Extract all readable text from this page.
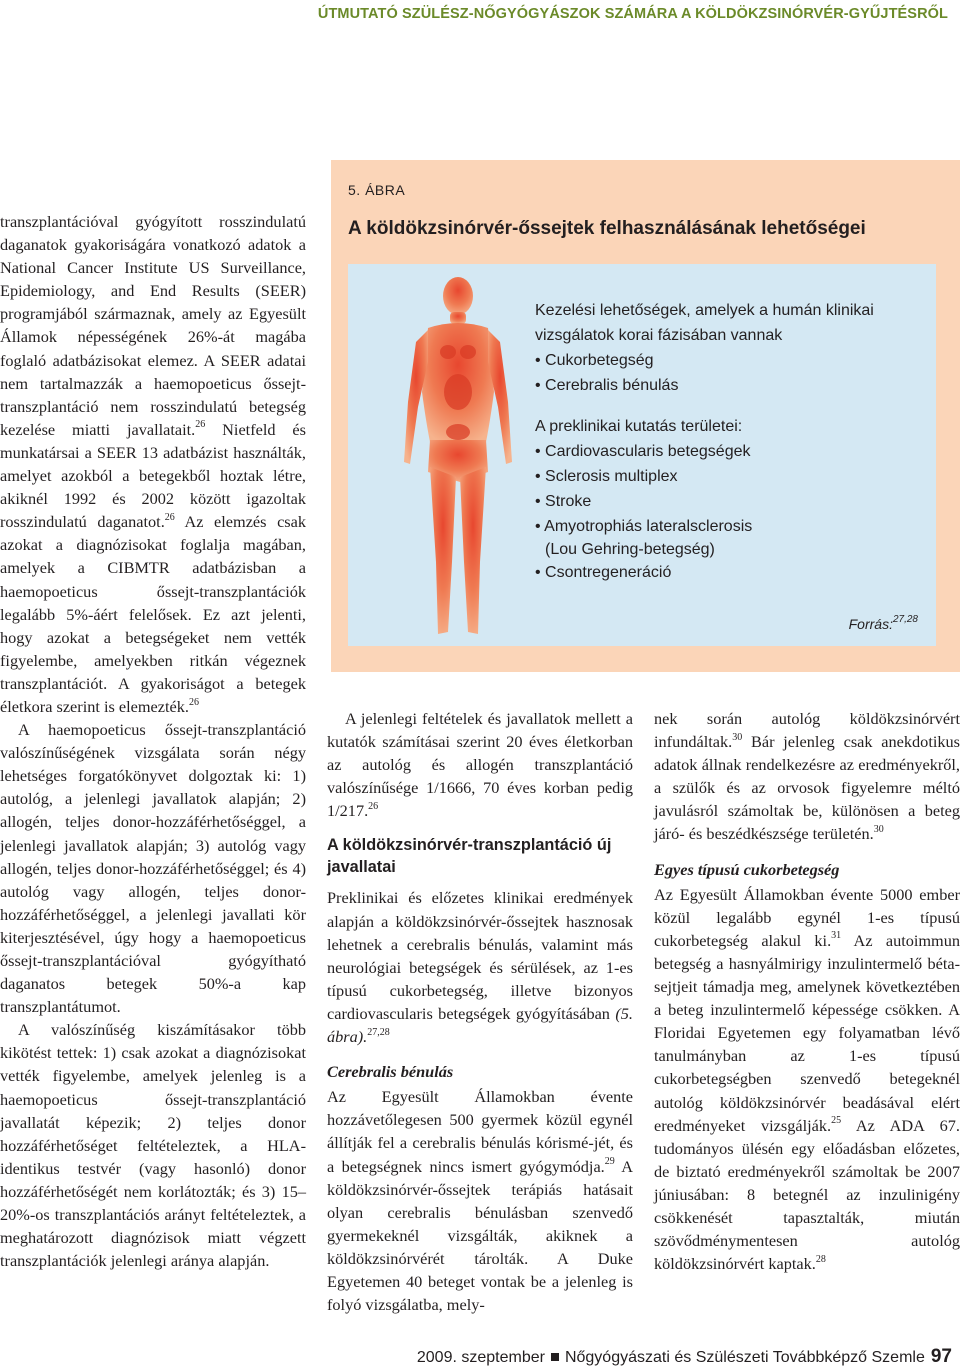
ÚTMUTATÓ SZÜLÉSZ-NŐGYÓGYÁSZOK SZÁMÁRA A KÖLDÖKZSINÓRVÉR-GYŰJTÉSRŐL

transzplantációval gyógyított rosszindulatú daganatok gyakoriságára vonatkozó adatok a National Cancer Institute US Surveillance, Epidemiology, and End Results (SEER) programjából származnak, amely az Egyesült Államok népességének 26%-át magába foglaló adatbázisokat elemez. A SEER adatai nem tartalmazzák a haemopoeticus őssejt-transzplantáció nem rosszindulatú betegség kezelése miatti javallatait.$^{26}$ Nietfeld és munkatársai a SEER 13 adatbázist használták, amelyet azokból a betegekből hoztak létre, akiknél 1992 és 2002 között igazoltak rosszindulatú daganatot.$^{26}$ Az elemzés csak azokat a diagnózisokat foglalja magában, amelyek a CIBMTR adatbázisban a haemopoeticus őssejt-transzplantációk legalább 5%-áért felelősek. Ez azt jelenti, hogy azokat a betegségeket nem vették figyelembe, amelyekben ritkán végeznek transzplantációt. A gyakoriságot a betegek életkora szerint is elemezték.$^{26}$

A haemopoeticus őssejt-transzplantáció valószínűségének vizsgálata során négy lehetséges forgatókönyvet dolgoztak ki: 1) autológ, a jelenlegi javallatok alapján; 2) allogén, teljes donor-hozzáférhetőséggel, a jelenlegi javallatok alapján; 3) autológ vagy allogén, teljes donor-hozzáférhetőséggel; és 4) autológ vagy allogén, teljes donor-hozzáférhetőséggel, a jelenlegi javallati kör kiterjesztésével, úgy hogy a haemopoeticus őssejt-transzplantációval gyógyítható daganatos betegek 50%-a kap transzplantátumot.

A valószínűség kiszámításakor több kikötést tettek: 1) csak azokat a diagnózisokat vették figyelembe, amelyek jelenleg is a haemopoeticus őssejt-transzplantáció javallatát képezik; 2) teljes donor hozzáférhetőséget feltételeztek, a HLA-identikus testvér (vagy hasonló) donor hozzáférhetőségét nem korlátozták; és 3) 15–20%-os transzplantációs arányt feltételeztek, a meghatározott diagnózisok miatt végzett transzplantációk jelenlegi aránya alapján.

5. ÁBRA
A köldökzsinórvér-őssejtek felhasználásának lehetőségei
Kezelési lehetőségek, amelyek a humán klinikai vizsgálatok korai fázisában vannak
• Cukorbetegség
• Cerebralis bénulás
A preklinikai kutatás területei:
• Cardiovascularis betegségek
• Sclerosis multiplex
• Stroke
• Amyotrophiás lateralsclerosis
(Lou Gehring-betegség)
• Csontregeneráció
Forrás:$^{27,28}$

A jelenlegi feltételek és javallatok mellett a kutatók számításai szerint 20 éves életkorban az autológ és allogén transzplantáció valószínűsége 1/1666, 70 éves korban pedig 1/217.26

A köldökzsinórvér-transzplantáció új javallatai

Preklinikai és előzetes klinikai eredmények alapján a köldökzsinórvér-őssejtek hasznosak lehetnek a cerebralis bénulás, valamint más neurológiai betegségek és sérülések, az 1-es típusú cukorbetegség, illetve bizonyos cardiovascularis betegségek gyógyításában (5. ábra).$^{27,28}$

Cerebralis bénulás

Az Egyesült Államokban évente hozzávetőlegesen 500 gyermek közül egynél állítják fel a cerebralis bénulás kórismé-jét, és a betegségnek nincs ismert gyógymódja.$^{29}$ A köldökzsinórvér-őssejtek terápiás hatásait olyan cerebralis bénulásban szenvedő gyermekeknél vizsgálták, akiknek a köldökzsinórvérét tárolták. A Duke Egyetemen 40 beteget vontak be a jelenleg is folyó vizsgálatba, mely-

nek során autológ köldökzsinórvért infundáltak.$^{30}$ Bár jelenleg csak anekdotikus adatok állnak rendelkezésre az eredményekről, a szülők és az orvosok figyelemre méltó javulásról számoltak be, különösen a beteg járó- és beszédkészsége területén.$^{30}$

Egyes típusú cukorbetegség

Az Egyesült Államokban évente 5000 ember közül legalább egynél 1-es típusú cukorbetegség alakul ki.$^{31}$ Az autoimmun betegség a hasnyálmirigy inzulintermelő béta-sejtjeit támadja meg, amelynek következtében a beteg inzulintermelő képessége csökken. A Floridai Egyetemen egy folyamatban lévő tanulmányban az 1-es típusú cukorbetegségben szenvedő betegeknél autológ köldökzsinórvér beadásával elért eredményeket vizsgálják.$^{25}$ Az ADA 67. tudományos ülésén egy előadásban előzetes, de biztató eredményekről számoltak be 2007 júniusában: 8 betegnél az inzulinigény csökkenését tapasztalták, miután szövődménymentesen autológ köldökzsinórvért kaptak.$^{28}$

2009. szeptember Nőgyógyászati és Szülészeti Továbbképző Szemle 97
